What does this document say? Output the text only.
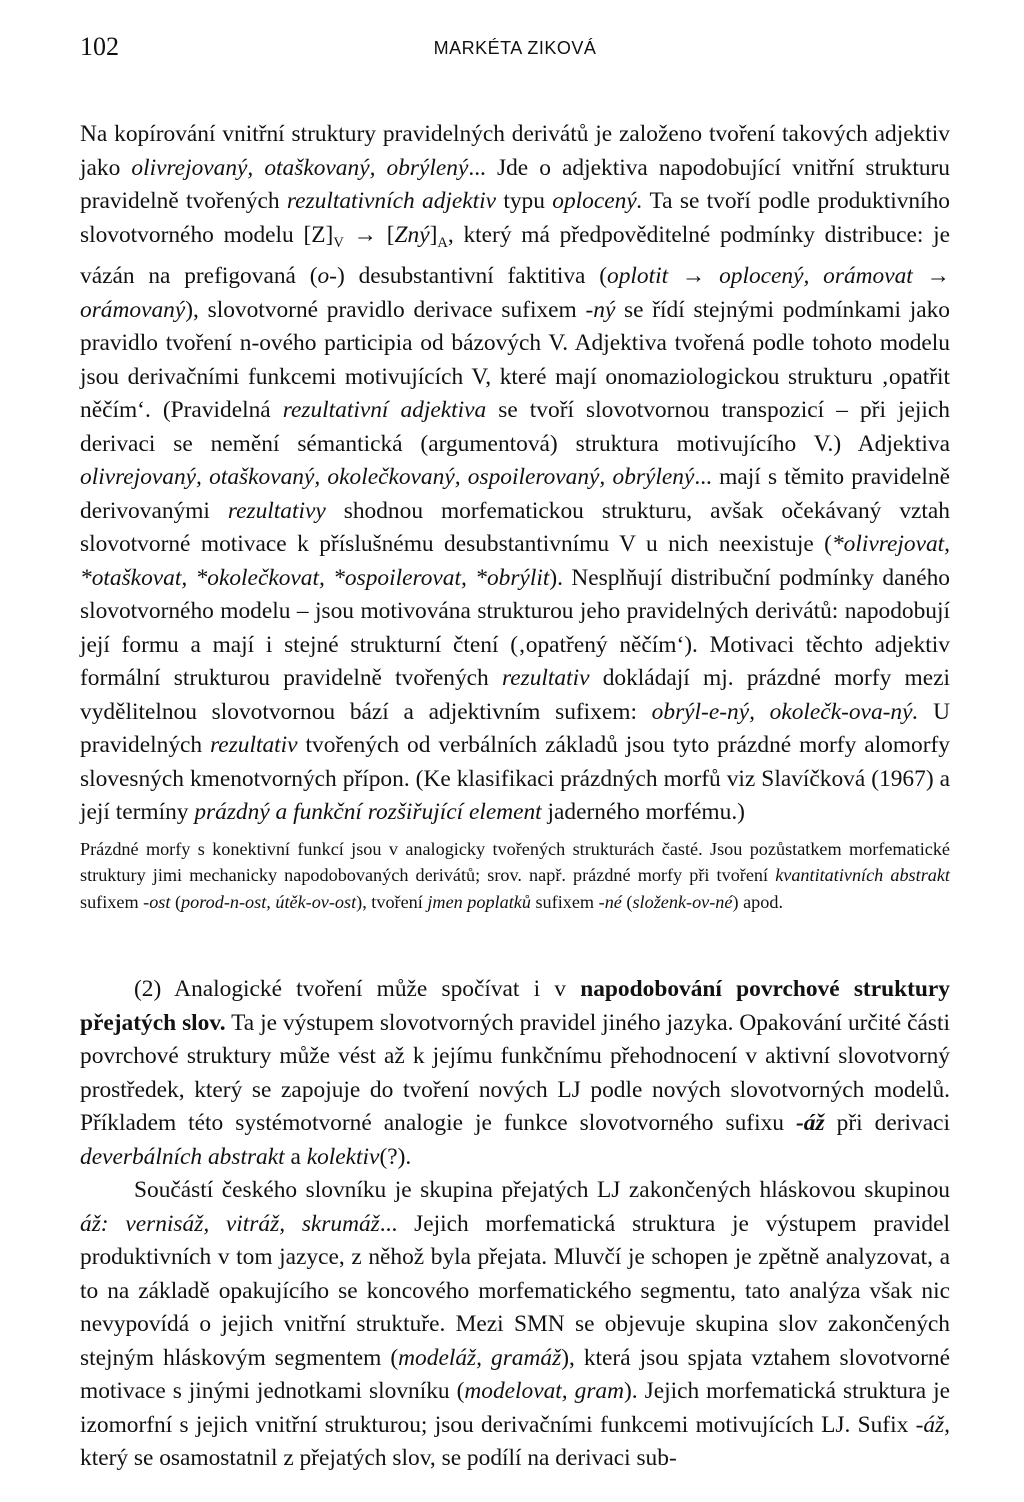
102	MARKÉTA ZIKOVÁ

Na kopírování vnitřní struktury pravidelných derivátů je založeno tvoření takových adjektiv jako olivrejovaný, otaškovaný, obrýlený... Jde o adjektiva napodobující vnitřní strukturu pravidelně tvořených rezultativních adjektiv typu oplocený. Ta se tvoří podle produktivního slovotvorného modelu $[Z]_V$ → $[Zný]_A$, který má předpověditelné podmínky distribuce: je vázán na prefigovaná (o-) desubstantivní faktitiva (oplotit → oplocený, orámovat → orámovaný), slovotvorné pravidlo derivace sufixem -ný se řídí stejnými podmínkami jako pravidlo tvoření n-ového participia od bázových V. Adjektiva tvořená podle tohoto modelu jsou derivačními funkcemi motivujících V, které mají onomaziologickou strukturu ‚opatřit něčím‘. (Pravidelná rezultativní adjektiva se tvoří slovotvornou transpozicí – při jejich derivaci se nemění sémantická (argumentová) struktura motivujícího V.) Adjektiva olivrejovaný, otaškovaný, okolečkovaný, ospoilerovaný, obrýlený... mají s těmito pravidelně derivovanými rezultativy shodnou morfematickou strukturu, avšak očekávaný vztah slovotvorné motivace k příslušnému desubstantivnímu V u nich neexistuje (*olivrejovat, *otaškovat, *okolečkovat, *ospoilerovat, *obrýlit). Nesplňují distribuční podmínky daného slovotvorného modelu – jsou motivována strukturou jeho pravidelných derivátů: napodobují její formu a mají i stejné strukturní čtení (‚opatřený něčím‘). Motivaci těchto adjektiv formální strukturou pravidelně tvořených rezultativ dokládají mj. prázdné morfy mezi vydělitelnou slovotvornou bází a adjektivním sufixem: obrýl-e-ný, okolečk-ova-ný. U pravidelných rezultativ tvořených od verbálních základů jsou tyto prázdné morfy alomorfy slovesných kmenotvorných přípon. (Ke klasifikaci prázdných morfů viz Slavíčková (1967) a její termíny prázdný a funkční rozšiřující element jaderného morfému.)

Prázdné morfy s konektivní funkcí jsou v analogicky tvořených strukturách časté. Jsou pozůstatkem morfematické struktury jimi mechanicky napodobovaných derivátů; srov. např. prázdné morfy při tvoření kvantitativních abstrakt sufixem -ost (porod-n-ost, útěk-ov-ost), tvoření jmen poplatků sufixem -né (složenk-ov-né) apod.

(2) Analogické tvoření může spočívat i v napodobování povrchové struktury přejatých slov. Ta je výstupem slovotvorných pravidel jiného jazyka. Opakování určité části povrchové struktury může vést až k jejímu funkčnímu přehodnocení v aktivní slovotvorný prostředek, který se zapojuje do tvoření nových LJ podle nových slovotvorných modelů. Příkladem této systémotvorné analogie je funkce slovotvorného sufixu -áž při derivaci deverbálních abstrakt a kolektiv(?).

Součástí českého slovníku je skupina přejatých LJ zakončených hláskovou skupinou áž: vernisáž, vitráž, skrumáž... Jejich morfematická struktura je výstupem pravidel produktivních v tom jazyce, z něhož byla přejata. Mluvčí je schopen je zpětně analyzovat, a to na základě opakujícího se koncového morfematického segmentu, tato analýza však nic nevypovídá o jejich vnitřní struktuře. Mezi SMN se objevuje skupina slov zakončených stejným hláskovým segmentem (modeláž, gramáž), která jsou spjata vztahem slovotvorné motivace s jinými jednotkami slovníku (modelovat, gram). Jejich morfematická struktura je izomorfní s jejich vnitřní strukturou; jsou derivačními funkcemi motivujících LJ. Sufix -áž, který se osamostatnil z přejatých slov, se podílí na derivaci sub-
